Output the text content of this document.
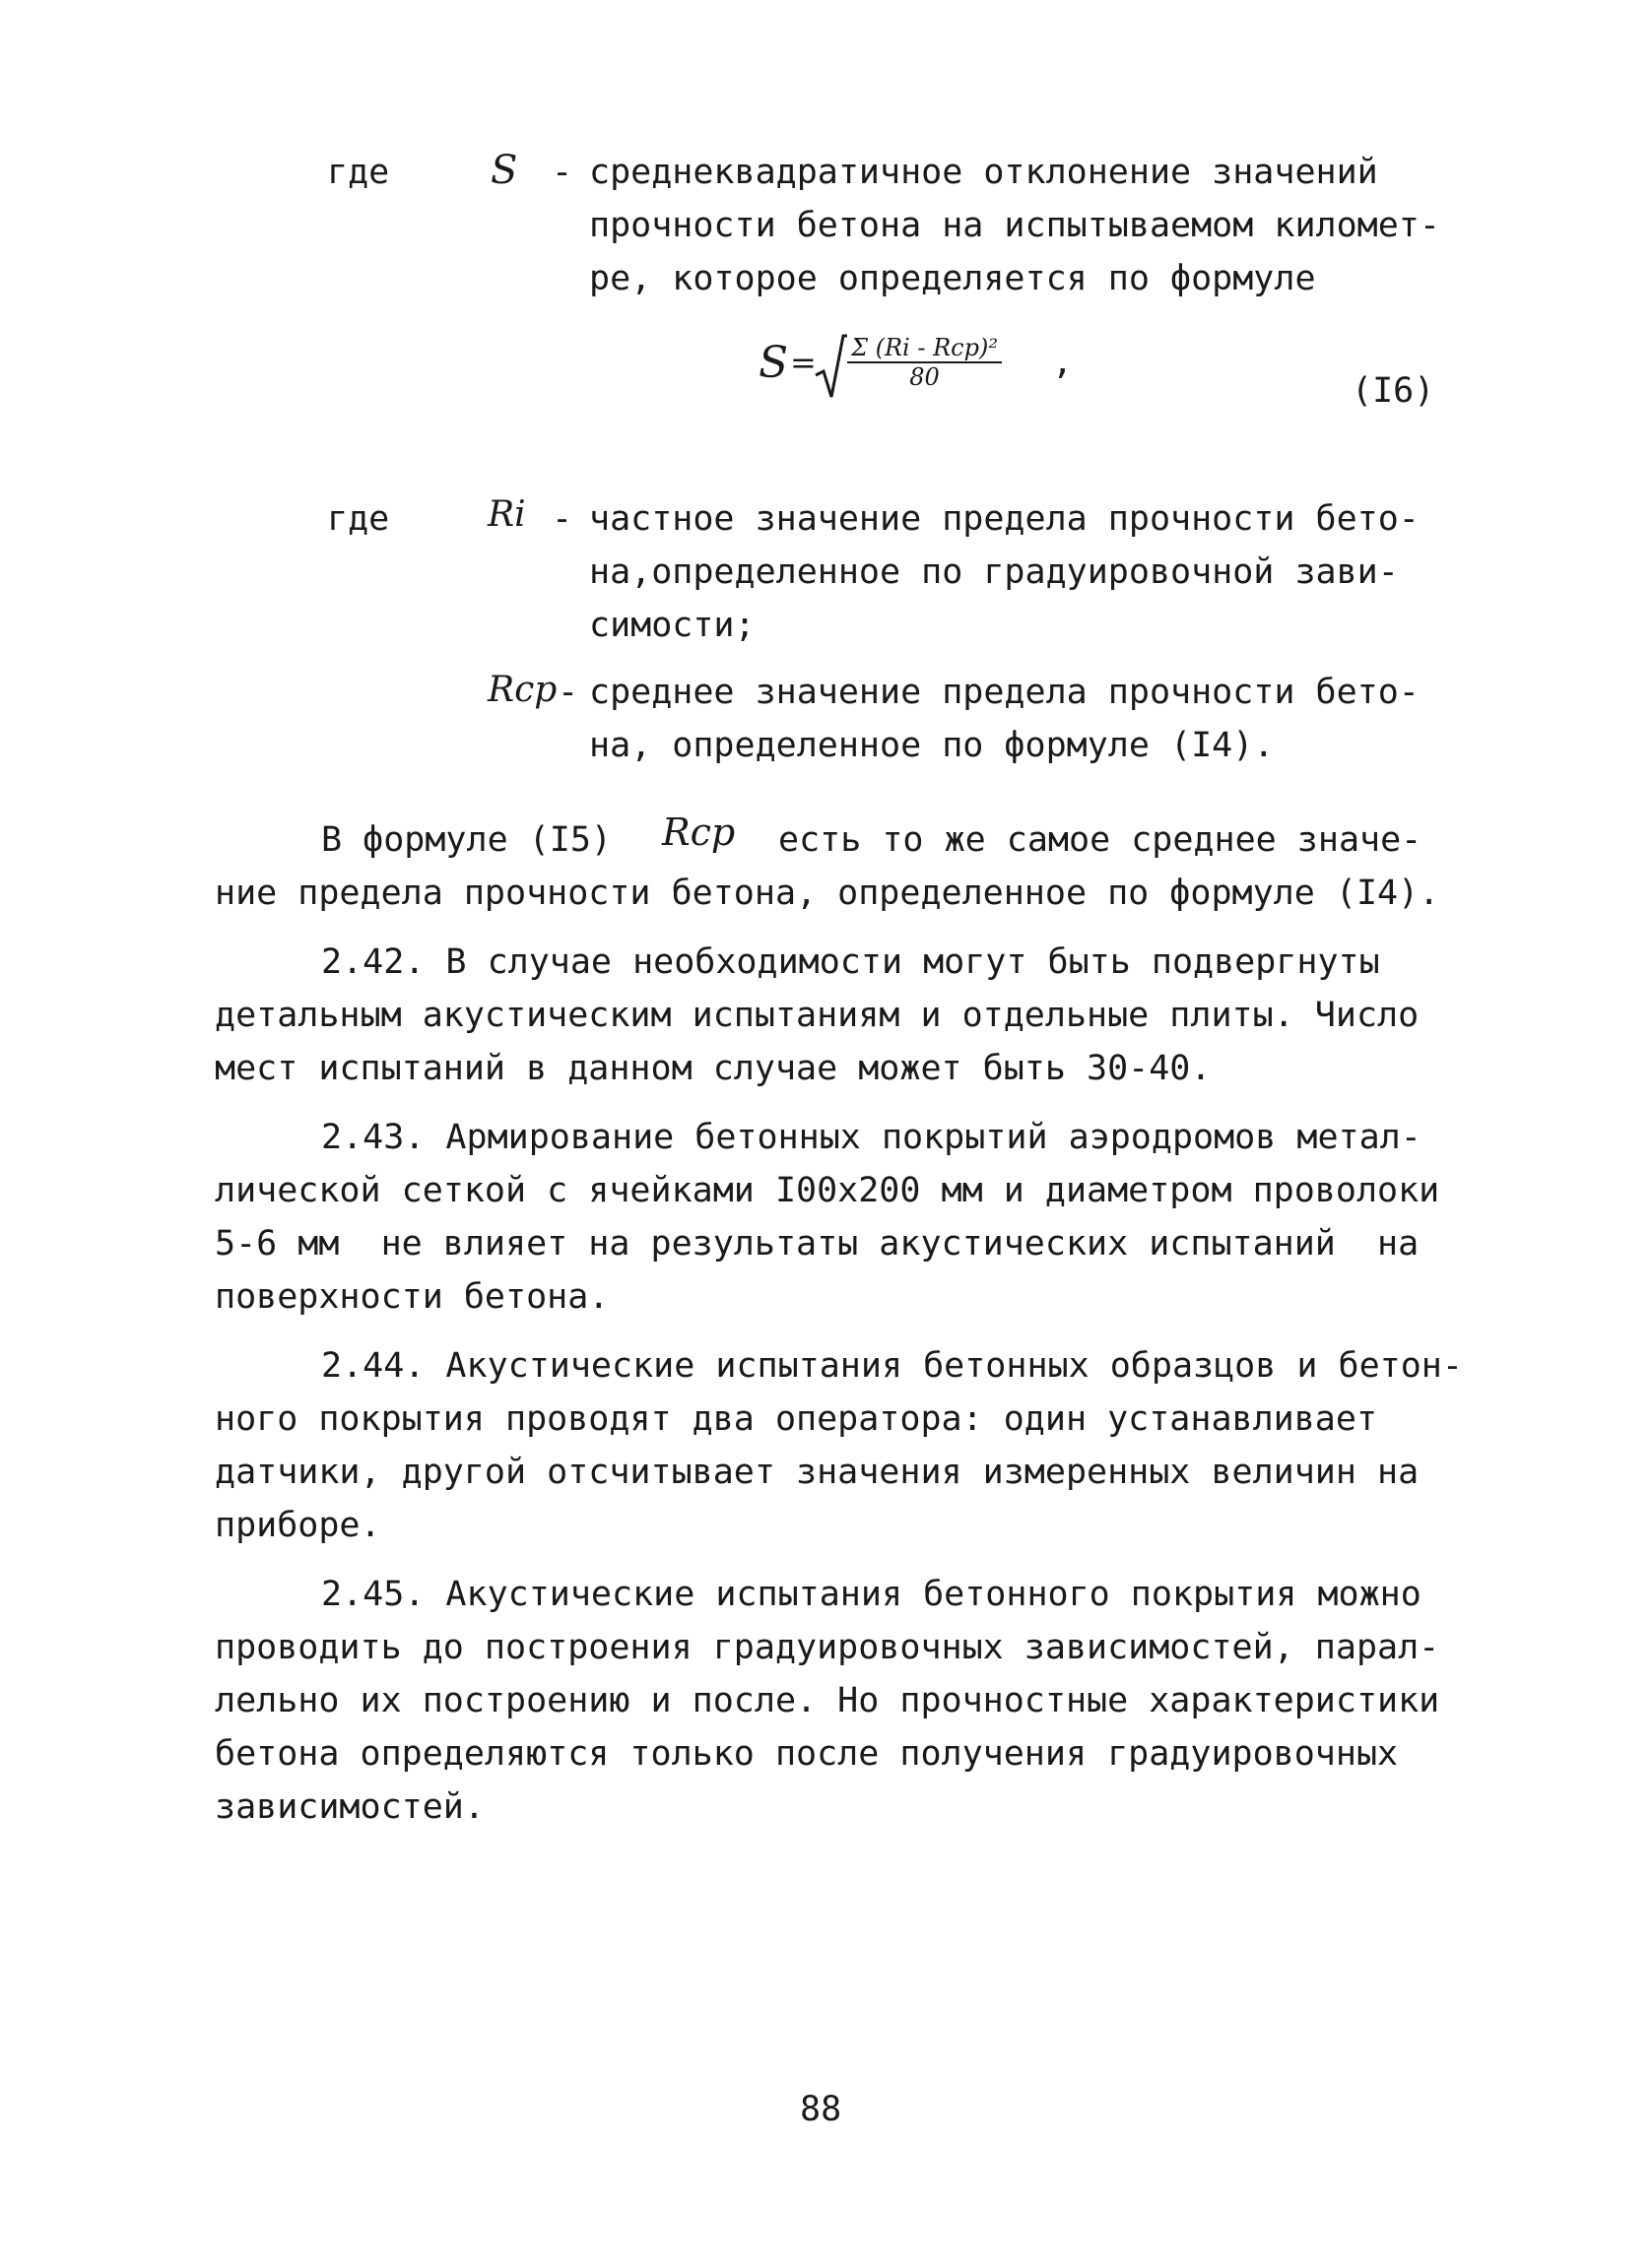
где	S - среднеквадратичное отклонение значений
прочности бетона на испытываемом километ-
ре, которое определяется по формуле
S = Σ (Ri - Rср)²
80	,
(I6)
где	Ri - частное значение предела прочности бето-
на,определенное по градуировочной зави-
симости;
Rср - среднее значение предела прочности бето-
на, определенное по формуле (I4).
В формуле (I5) Rср есть то же самое среднее значе-
ние предела прочности бетона, определенное по формуле (I4).
2.42. В случае необходимости могут быть подвергнуты
детальным акустическим испытаниям и отдельные плиты. Число
мест испытаний в данном случае может быть 30-40.
2.43. Армирование бетонных покрытий аэродромов метал-
лической сеткой с ячейками I00x200 мм и диаметром проволоки
5-6 мм  не влияет на результаты акустических испытаний  на
поверхности бетона.
2.44. Акустические испытания бетонных образцов и бетон-
ного покрытия проводят два оператора: один устанавливает
датчики, другой отсчитывает значения измеренных величин на
приборе.
2.45. Акустические испытания бетонного покрытия можно
проводить до построения градуировочных зависимостей, парал-
лельно их построению и после. Но прочностные характеристики
бетона определяются только после получения градуировочных
зависимостей.
88
